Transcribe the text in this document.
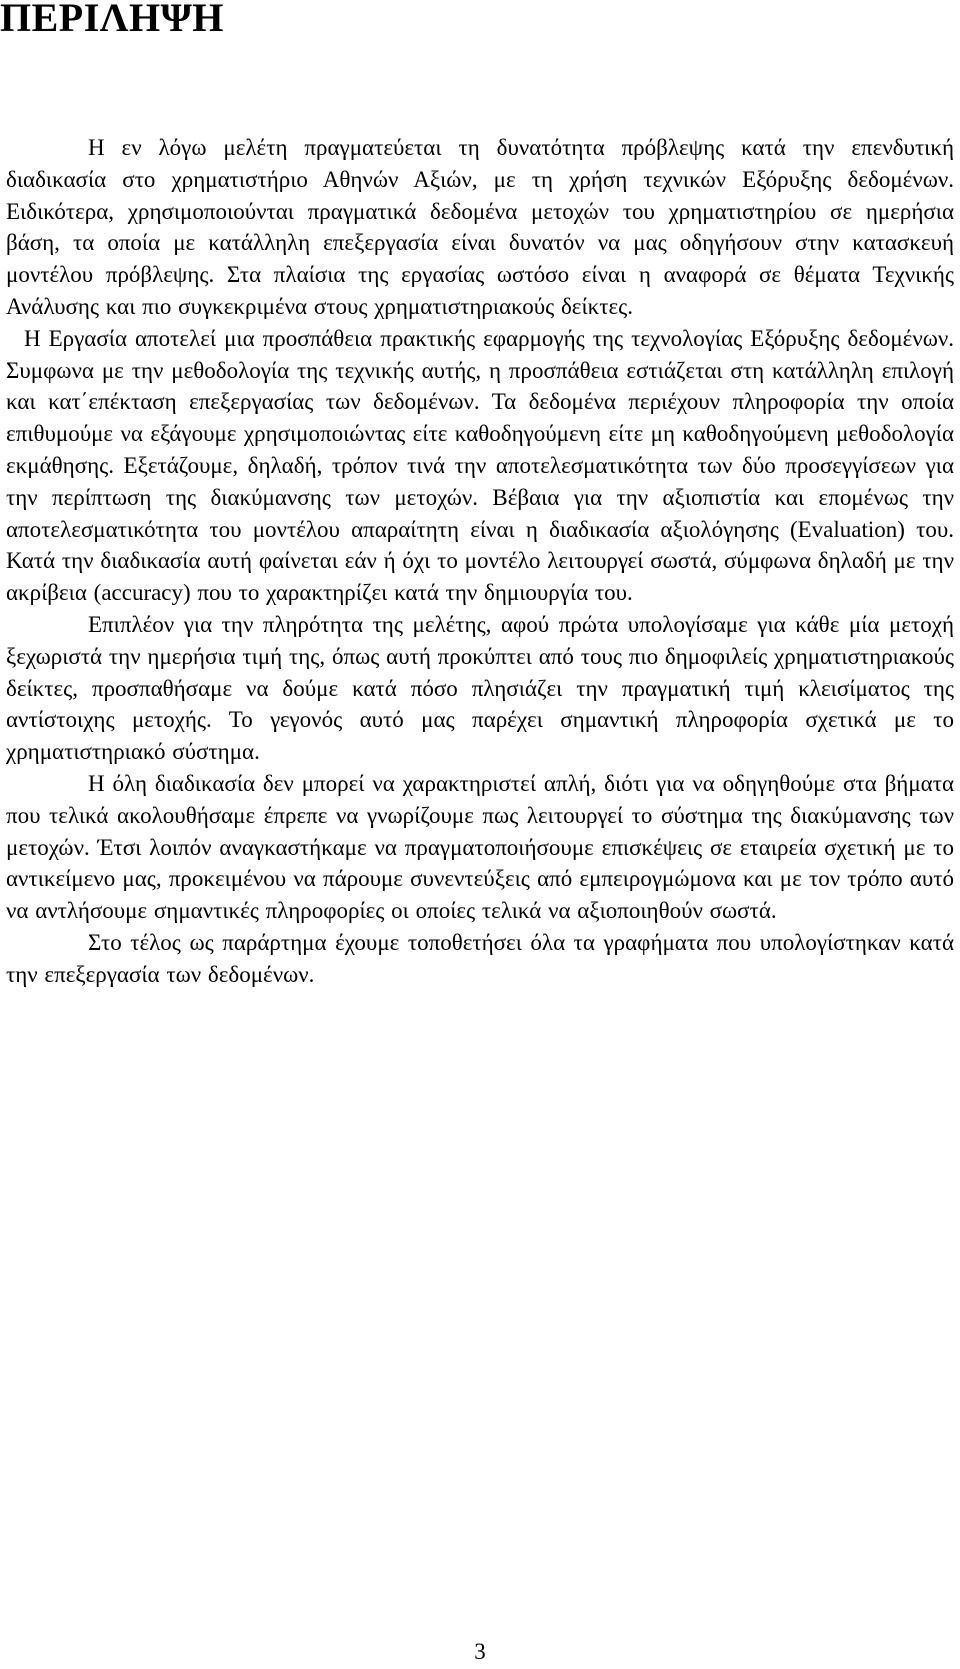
ΠΕΡΙΛΗΨΗ

Η εν λόγω μελέτη πραγματεύεται τη δυνατότητα πρόβλεψης κατά την επενδυτική διαδικασία στο χρηματιστήριο Αθηνών Αξιών, με τη χρήση τεχνικών Εξόρυξης δεδομένων. Ειδικότερα, χρησιμοποιούνται πραγματικά δεδομένα μετοχών του χρηματιστηρίου σε ημερήσια βάση, τα οποία με κατάλληλη επεξεργασία είναι δυνατόν να μας οδηγήσουν στην κατασκευή μοντέλου πρόβλεψης. Στα πλαίσια της εργασίας ωστόσο είναι η αναφορά σε θέματα Τεχνικής Ανάλυσης και πιο συγκεκριμένα στους χρηματιστηριακούς δείκτες.

Η Εργασία αποτελεί μια προσπάθεια πρακτικής εφαρμογής της τεχνολογίας Εξόρυξης δεδομένων. Συμφωνα με την μεθοδολογία της τεχνικής αυτής, η προσπάθεια εστιάζεται στη κατάλληλη επιλογή και κατ΄επέκταση επεξεργασίας των δεδομένων. Τα δεδομένα περιέχουν πληροφορία την οποία επιθυμούμε να εξάγουμε χρησιμοποιώντας είτε καθοδηγούμενη είτε μη καθοδηγούμενη μεθοδολογία εκμάθησης. Εξετάζουμε, δηλαδή, τρόπον τινά την αποτελεσματικότητα των δύο προσεγγίσεων για την περίπτωση της διακύμανσης των μετοχών. Βέβαια για την αξιοπιστία και επομένως την αποτελεσματικότητα του μοντέλου απαραίτητη είναι η διαδικασία αξιολόγησης (Evaluation) του. Κατά την διαδικασία αυτή φαίνεται εάν ή όχι το μοντέλο λειτουργεί σωστά, σύμφωνα δηλαδή με την ακρίβεια (accuracy) που το χαρακτηρίζει κατά την δημιουργία του.

Επιπλέον για την πληρότητα της μελέτης, αφού πρώτα υπολογίσαμε για κάθε μία μετοχή ξεχωριστά την ημερήσια τιμή της, όπως αυτή προκύπτει από τους πιο δημοφιλείς χρηματιστηριακούς δείκτες, προσπαθήσαμε να δούμε κατά πόσο πλησιάζει την πραγματική τιμή κλεισίματος της αντίστοιχης μετοχής. Το γεγονός αυτό μας παρέχει σημαντική πληροφορία σχετικά με το χρηματιστηριακό σύστημα.

Η όλη διαδικασία δεν μπορεί να χαρακτηριστεί απλή, διότι για να οδηγηθούμε στα βήματα που τελικά ακολουθήσαμε έπρεπε να γνωρίζουμε πως λειτουργεί το σύστημα της διακύμανσης των μετοχών. Έτσι λοιπόν αναγκαστήκαμε να πραγματοποιήσουμε επισκέψεις σε εταιρεία σχετική με το αντικείμενο μας, προκειμένου να πάρουμε συνεντεύξεις από εμπειρογμώμονα και με τον τρόπο αυτό να αντλήσουμε σημαντικές πληροφορίες οι οποίες τελικά να αξιοποιηθούν σωστά.

Στο τέλος ως παράρτημα έχουμε τοποθετήσει όλα τα γραφήματα που υπολογίστηκαν κατά την επεξεργασία των δεδομένων.

3
